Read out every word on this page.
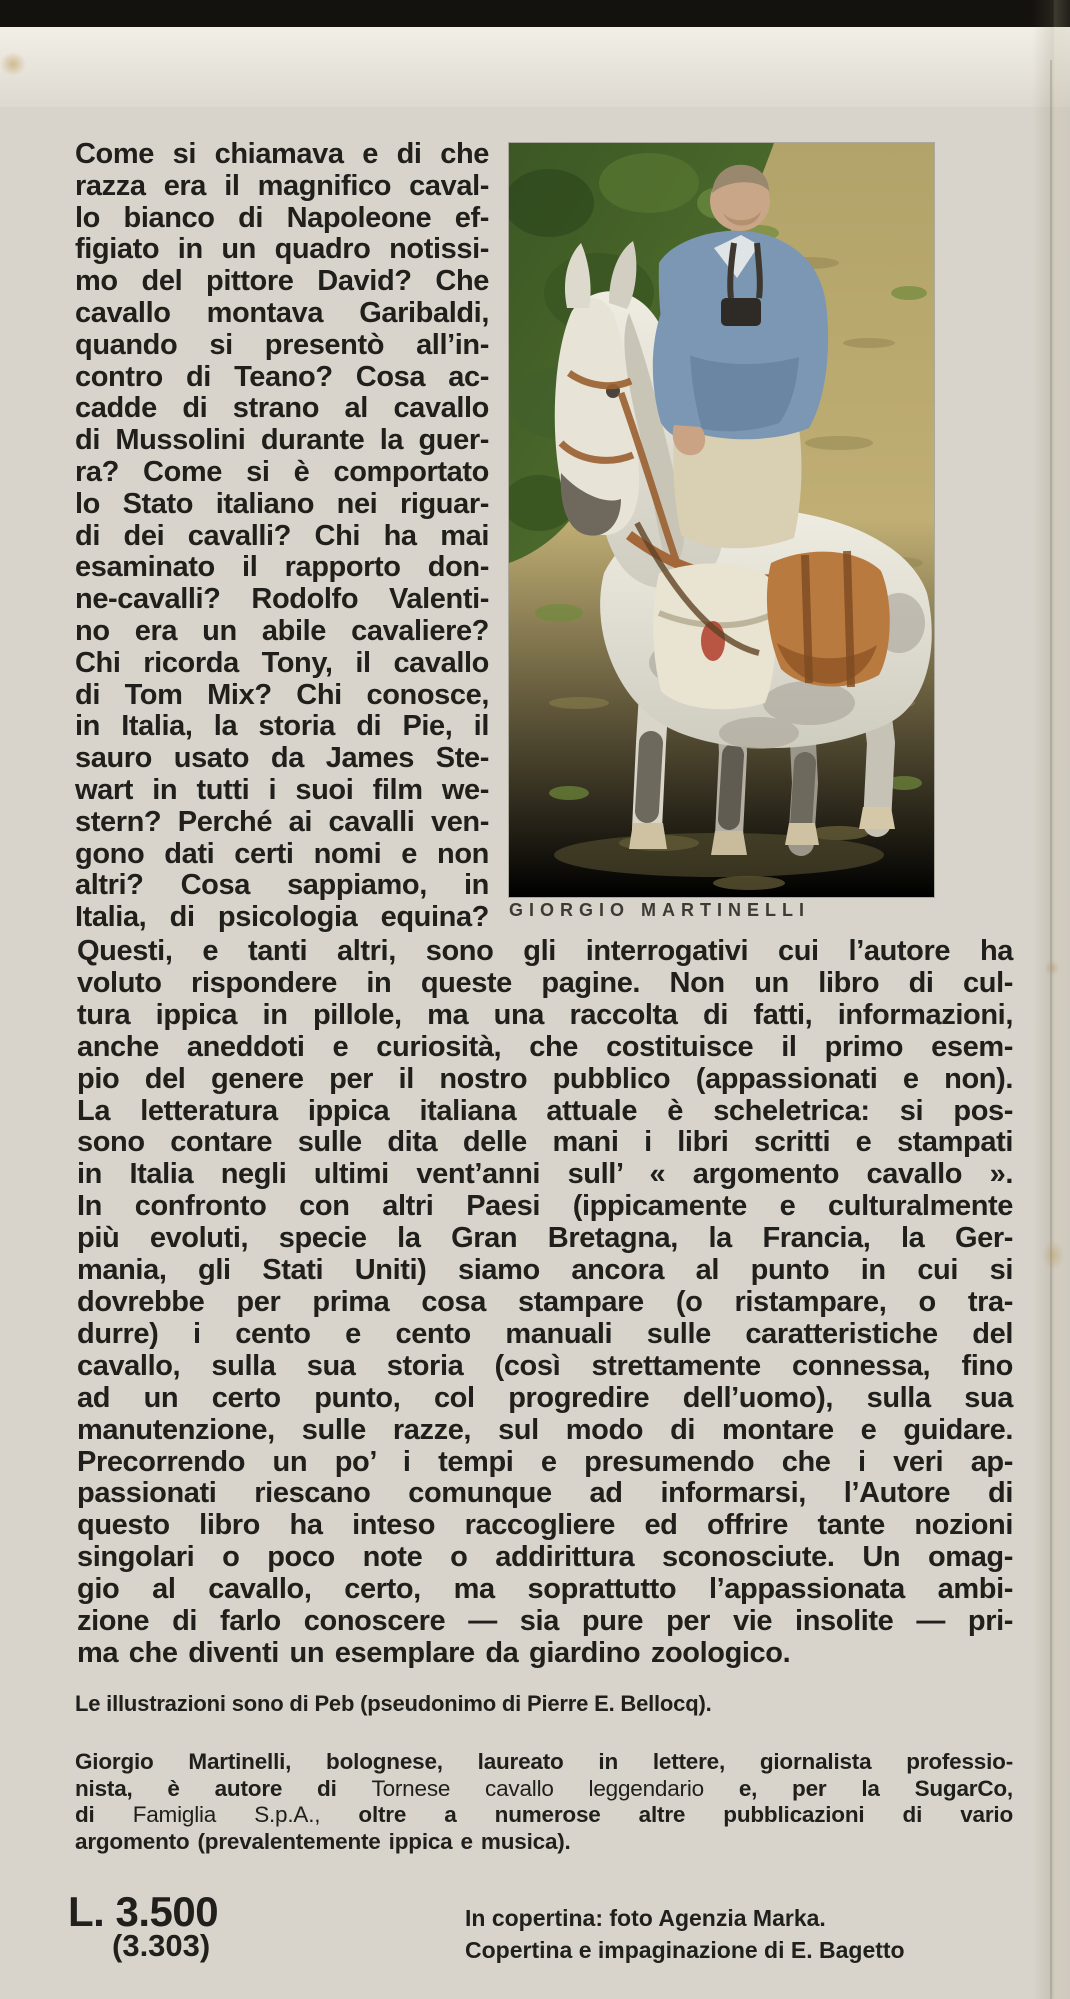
Come si chiamava e di che
razza era il magnifico caval-
lo bianco di Napoleone ef-
figiato in un quadro notissi-
mo del pittore David? Che
cavallo montava Garibaldi,
quando si presentò all’in-
contro di Teano? Cosa ac-
cadde di strano al cavallo
di Mussolini durante la guer-
ra? Come si è comportato
lo Stato italiano nei riguar-
di dei cavalli? Chi ha mai
esaminato il rapporto don-
ne-cavalli? Rodolfo Valenti-
no era un abile cavaliere?
Chi ricorda Tony, il cavallo
di Tom Mix? Chi conosce,
in Italia, la storia di Pie, il
sauro usato da James Ste-
wart in tutti i suoi film we-
stern? Perché ai cavalli ven-
gono dati certi nomi e non
altri? Cosa sappiamo, in
Italia, di psicologia equina? GIORGIO MARTINELLI
Questi, e tanti altri, sono gli interrogativi cui l’autore ha
voluto rispondere in queste pagine. Non un libro di cul-
tura ippica in pillole, ma una raccolta di fatti, informazioni,
anche aneddoti e curiosità, che costituisce il primo esem-
pio del genere per il nostro pubblico (appassionati e non).
La letteratura ippica italiana attuale è scheletrica: si pos-
sono contare sulle dita delle mani i libri scritti e stampati
in Italia negli ultimi vent’anni sull’ « argomento cavallo ».
In confronto con altri Paesi (ippicamente e culturalmente
più evoluti, specie la Gran Bretagna, la Francia, la Ger-
mania, gli Stati Uniti) siamo ancora al punto in cui si
dovrebbe per prima cosa stampare (o ristampare, o tra-
durre) i cento e cento manuali sulle caratteristiche del
cavallo, sulla sua storia (così strettamente connessa, fino
ad un certo punto, col progredire dell’uomo), sulla sua
manutenzione, sulle razze, sul modo di montare e guidare.
Precorrendo un po’ i tempi e presumendo che i veri ap-
passionati riescano comunque ad informarsi, l’Autore di
questo libro ha inteso raccogliere ed offrire tante nozioni
singolari o poco note o addirittura sconosciute. Un omag-
gio al cavallo, certo, ma soprattutto l’appassionata ambi-
zione di farlo conoscere — sia pure per vie insolite — pri-
ma che diventi un esemplare da giardino zoologico.
Le illustrazioni sono di Peb (pseudonimo di Pierre E. Bellocq).
Giorgio Martinelli, bolognese, laureato in lettere, giornalista professio-
nista, è autore di Tornese cavallo leggendario e, per la SugarCo,
di Famiglia S.p.A., oltre a numerose altre pubblicazioni di vario
argomento (prevalentemente ippica e musica).
L. 3.500
(3.303)
In copertina: foto Agenzia Marka.
Copertina e impaginazione di E. Bagetto
